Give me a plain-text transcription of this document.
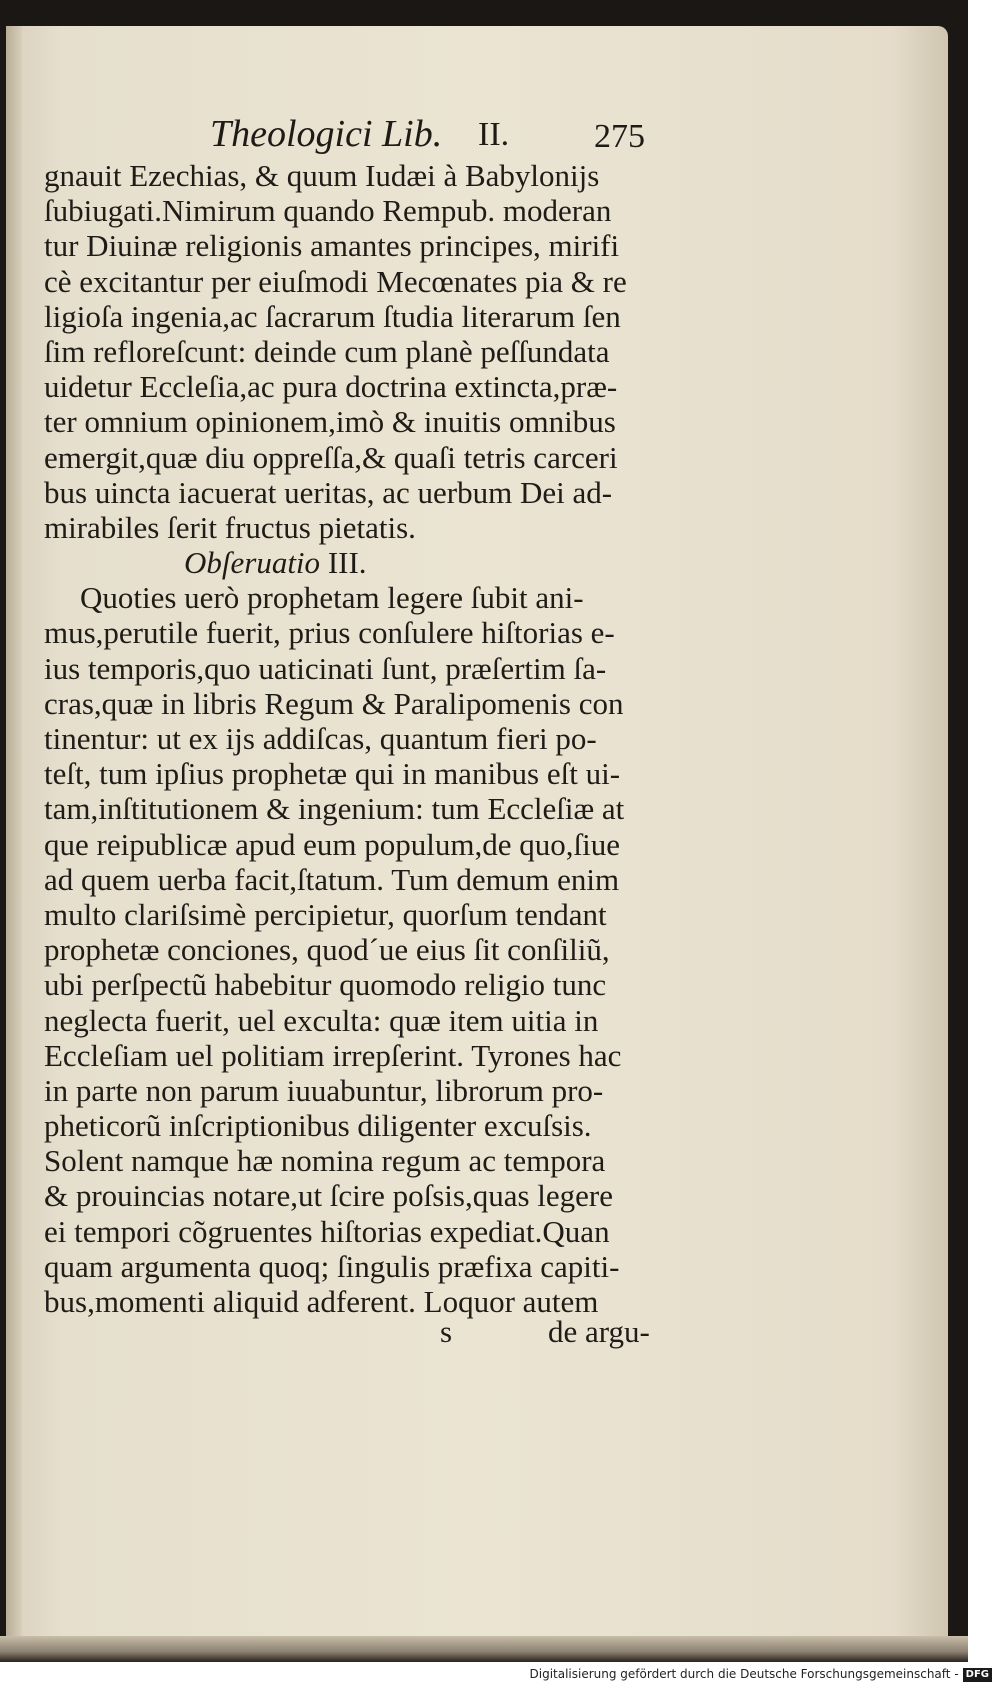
Theologici Lib. II. 275
gnauit Ezechias, & quum Iudæi à Babylonijs
ſubiugati.Nimirum quando Rempub. moderan
tur Diuinæ religionis amantes principes, mirifi
cè excitantur per eiuſmodi Mecœnates pia & re
ligioſa ingenia,ac ſacrarum ſtudia literarum ſen
ſim refloreſcunt: deinde cum planè peſſundata
uidetur Eccleſia,ac pura doctrina extincta,præ-
ter omnium opinionem,imò & inuitis omnibus
emergit,quæ diu oppreſſa,& quaſi tetris carceri
bus uincta iacuerat ueritas, ac uerbum Dei ad-
mirabiles ſerit fructus pietatis.
Obſeruatio III.
Quoties uerò prophetam legere ſubit ani-
mus,perutile fuerit, prius conſulere hiſtorias e-
ius temporis,quo uaticinati ſunt, præſertim ſa-
cras,quæ in libris Regum & Paralipomenis con
tinentur: ut ex ijs addiſcas, quantum fieri po-
teſt, tum ipſius prophetæ qui in manibus eſt ui-
tam,inſtitutionem & ingenium: tum Eccleſiæ at
que reipublicæ apud eum populum,de quo,ſiue
ad quem uerba facit,ſtatum. Tum demum enim
multo clariſsimè percipietur, quorſum tendant
prophetæ conciones, quod´ue eius ſit conſiliũ,
ubi perſpectũ habebitur quomodo religio tunc
neglecta fuerit, uel exculta: quæ item uitia in
Eccleſiam uel politiam irrepſerint. Tyrones hac
in parte non parum iuuabuntur, librorum pro-
pheticorũ inſcriptionibus diligenter excuſsis.
Solent namque hæ nomina regum ac tempora
& prouincias notare,ut ſcire poſsis,quas legere
ei tempori cõgruentes hiſtorias expediat.Quan
quam argumenta quoq; ſingulis præfixa capiti-
bus,momenti aliquid adferent. Loquor autem
s	de argu-
Digitalisierung gefördert durch die Deutsche Forschungsgemeinschaft - DFG
